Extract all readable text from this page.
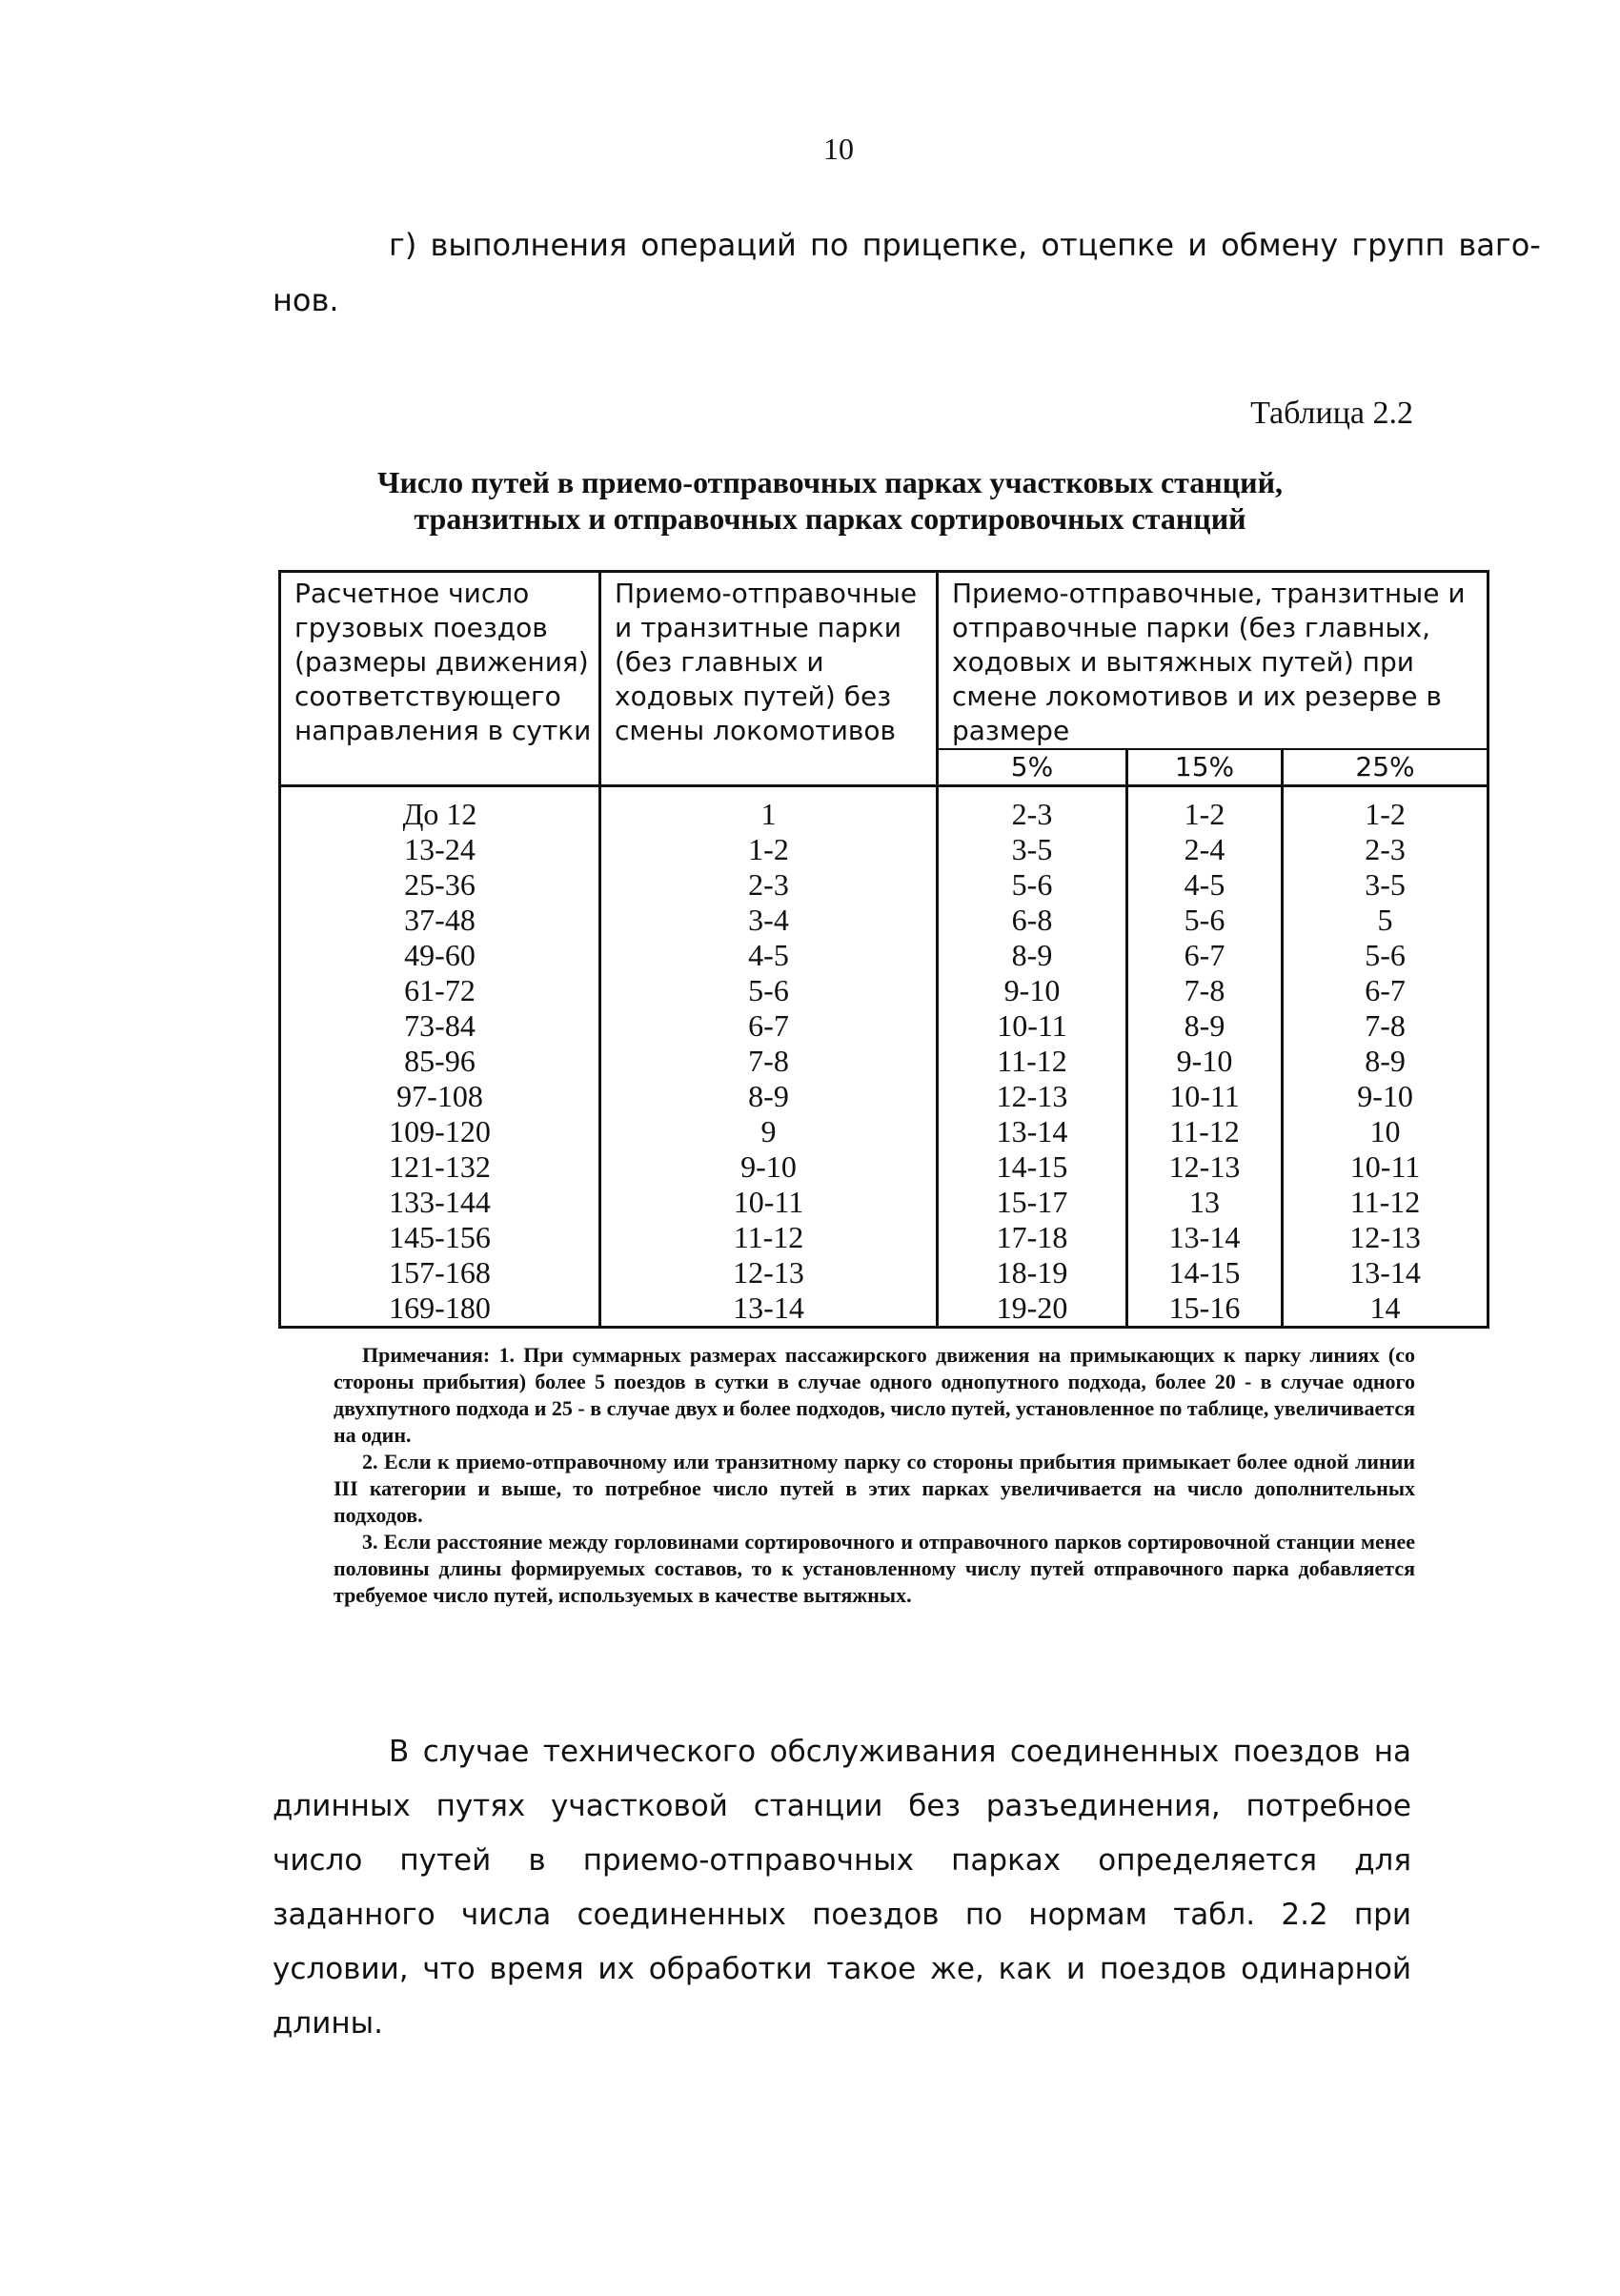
10
г) выполнения операций по прицепке, отцепке и обмену групп ваго-
нов.
Таблица 2.2
Число путей в приемо-отправочных парках участковых станций,
транзитных и отправочных парках сортировочных станций
Расчетное число грузовых поездов (размеры движения) соответствующего направления в сутки	Приемо-отправочные и транзитные парки (без главных и ходовых путей) без смены локомотивов	Приемо-отправочные, транзитные и отправочные парки (без главных, ходовых и вытяжных путей) при смене локомотивов и их резерве в размере		
		5%	15%	25%
До 12	1	2-3	1-2	1-2
13-24	1-2	3-5	2-4	2-3
25-36	2-3	5-6	4-5	3-5
37-48	3-4	6-8	5-6	5
49-60	4-5	8-9	6-7	5-6
61-72	5-6	9-10	7-8	6-7
73-84	6-7	10-11	8-9	7-8
85-96	7-8	11-12	9-10	8-9
97-108	8-9	12-13	10-11	9-10
109-120	9	13-14	11-12	10
121-132	9-10	14-15	12-13	10-11
133-144	10-11	15-17	13	11-12
145-156	11-12	17-18	13-14	12-13
157-168	12-13	18-19	14-15	13-14
169-180	13-14	19-20	15-16	14

Примечания: 1. При суммарных размерах пассажирского движения на примыкающих к парку линиях (со стороны прибытия) более 5 поездов в сутки в случае одного однопутного подхода, более 20 - в случае одного двухпутного подхода и 25 - в случае двух и более подходов, число путей, установленное по таблице, увеличивается на один.

2. Если к приемо-отправочному или транзитному парку со стороны прибытия примыкает более одной линии III категории и выше, то потребное число путей в этих парках увеличивается на число дополнительных подходов.

3. Если расстояние между горловинами сортировочного и отправочного парков сортировочной станции менее половины длины формируемых составов, то к установленному числу путей отправочного парка добавляется требуемое число путей, используемых в качестве вытяжных.

В случае технического обслуживания соединенных поездов на длинных путях участковой станции без разъединения, потребное число путей в приемо-отправочных парках определяется для заданного числа соединенных поездов по нормам табл. 2.2 при условии, что время их обработки такое же, как и поездов одинарной длины.
